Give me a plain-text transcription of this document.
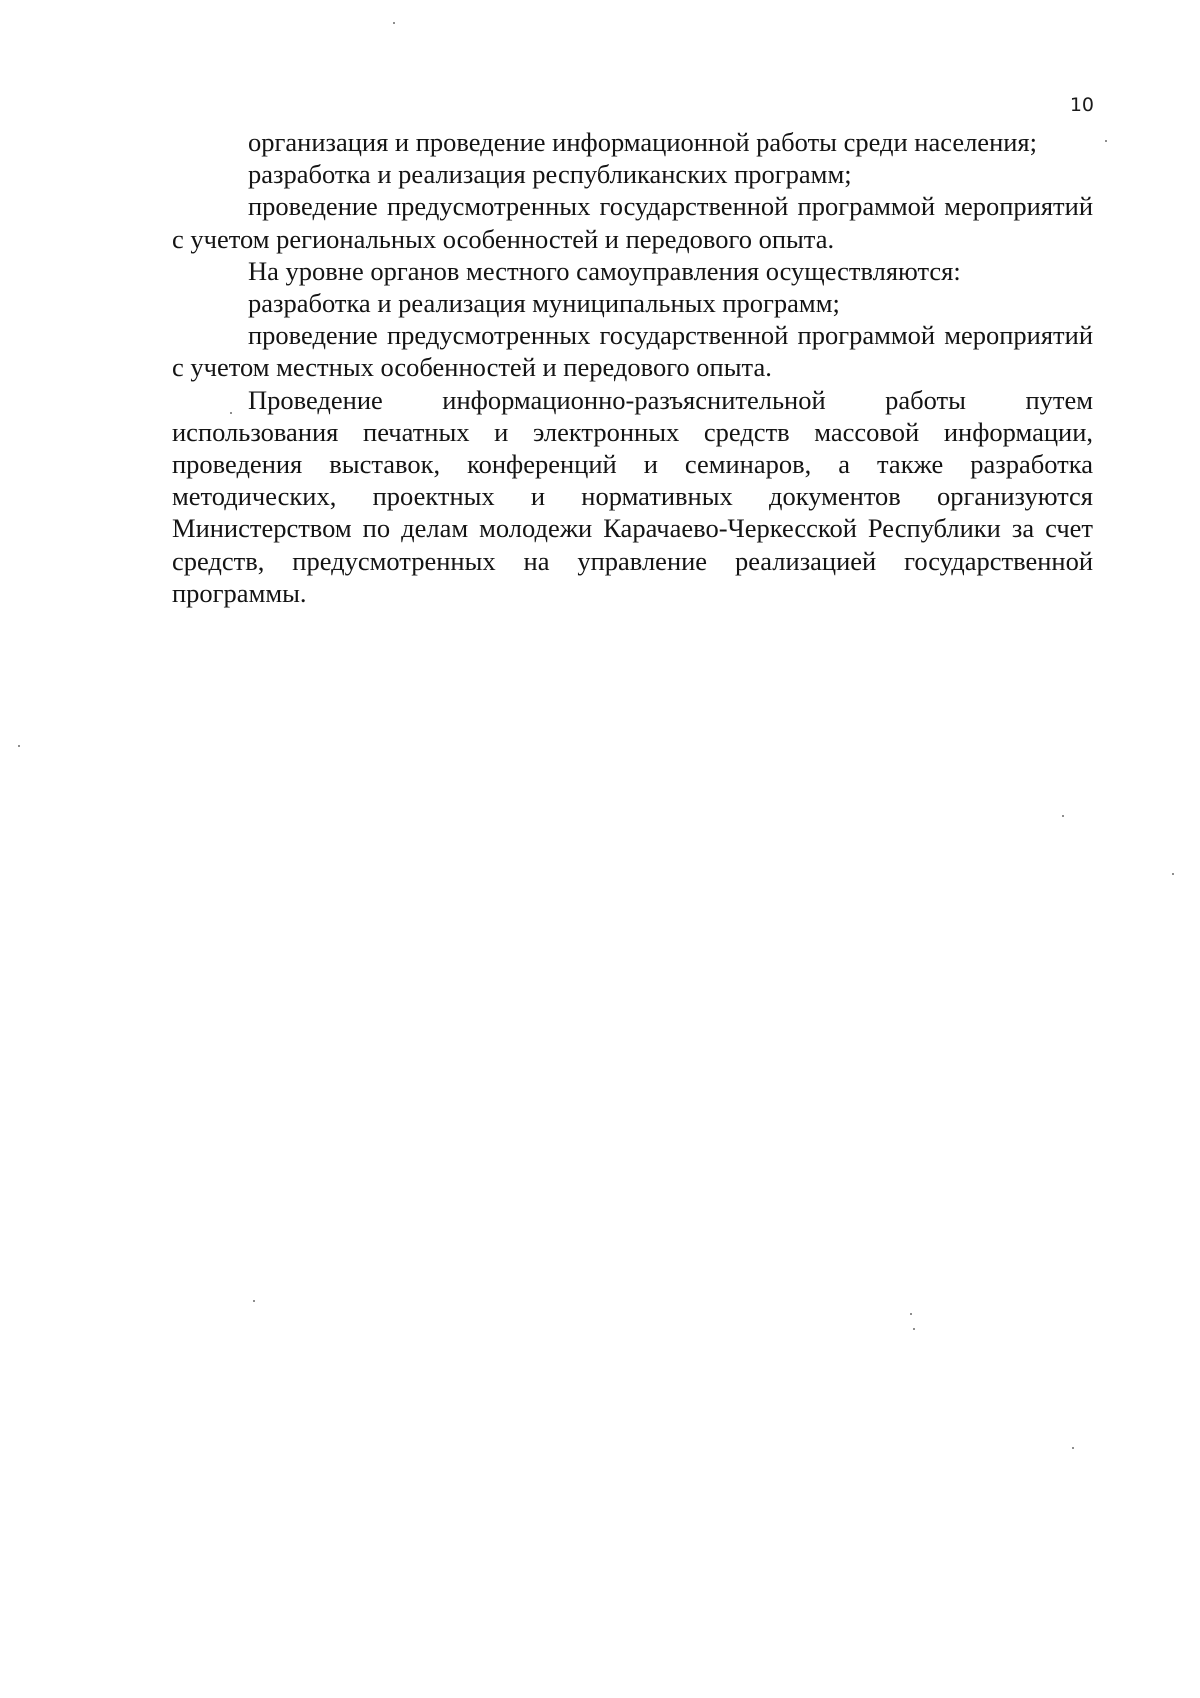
10

организация и проведение информационной работы среди населения;

разработка и реализация республиканских программ;

проведение предусмотренных государственной программой мероприятий с учетом региональных особенностей и передового опыта.

На уровне органов местного самоуправления осуществляются:

разработка и реализация муниципальных программ;

проведение предусмотренных государственной программой мероприятий с учетом местных особенностей и передового опыта.

Проведение информационно-разъяснительной работы путем использования печатных и электронных средств массовой информации, проведения выставок, конференций и семинаров, а также разработка методических, проектных и нормативных документов организуются Министерством по делам молодежи Карачаево-Черкесской Республики за счет средств, предусмотренных на управление реализацией государственной программы.
